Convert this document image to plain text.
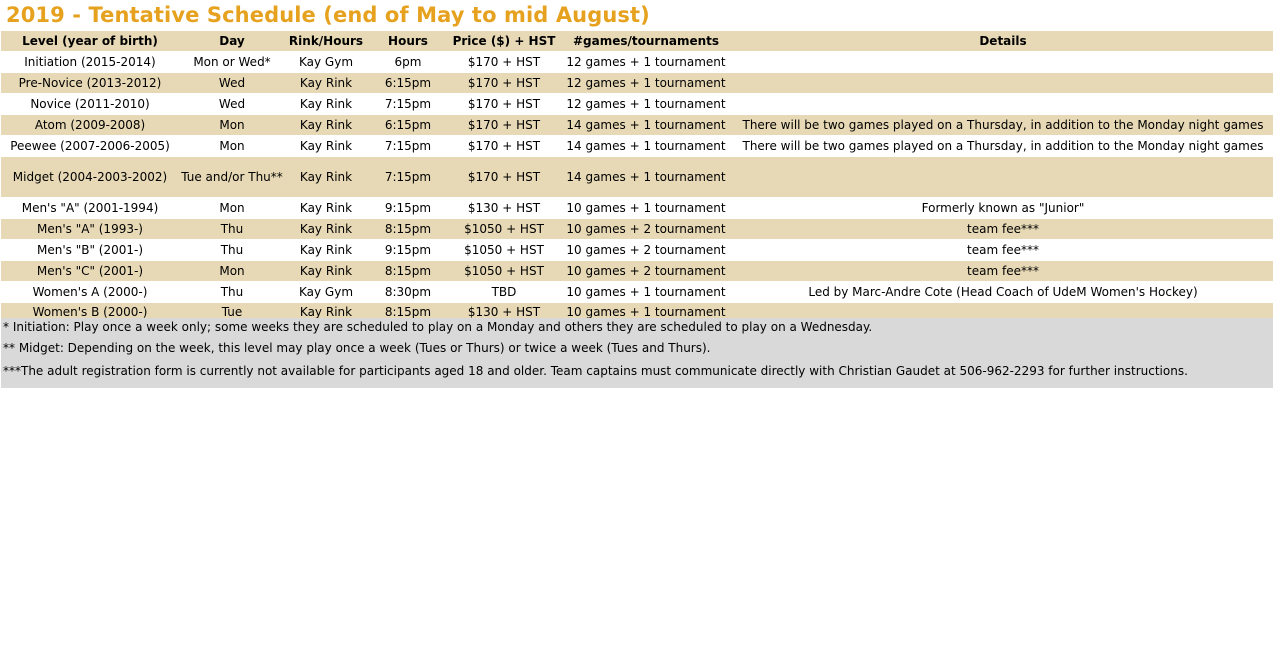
2019 - Tentative Schedule (end of May to mid August)
Level (year of birth)	Day	Rink/Hours	Hours	Price ($) + HST	#games/tournaments	Details
Initiation (2015-2014)	Mon or Wed*	Kay Gym	6pm	$170 + HST	12 games + 1 tournament	
Pre-Novice (2013-2012)	Wed	Kay Rink	6:15pm	$170 + HST	12 games + 1 tournament	
Novice (2011-2010)	Wed	Kay Rink	7:15pm	$170 + HST	12 games + 1 tournament	
Atom (2009-2008)	Mon	Kay Rink	6:15pm	$170 + HST	14 games + 1 tournament	There will be two games played on a Thursday, in addition to the Monday night games
Peewee (2007-2006-2005)	Mon	Kay Rink	7:15pm	$170 + HST	14 games + 1 tournament	There will be two games played on a Thursday, in addition to the Monday night games
Midget (2004-2003-2002)	Tue and/or Thu**	Kay Rink	7:15pm	$170 + HST	14 games + 1 tournament	
Men's "A" (2001-1994)	Mon	Kay Rink	9:15pm	$130 + HST	10 games + 1 tournament	Formerly known as "Junior"
Men's "A" (1993-)	Thu	Kay Rink	8:15pm	$1050 + HST	10 games + 2 tournament	team fee***
Men's "B" (2001-)	Thu	Kay Rink	9:15pm	$1050 + HST	10 games + 2 tournament	team fee***
Men's "C" (2001-)	Mon	Kay Rink	8:15pm	$1050 + HST	10 games + 2 tournament	team fee***
Women's A (2000-)	Thu	Kay Gym	8:30pm	TBD	10 games + 1 tournament	Led by Marc-Andre Cote (Head Coach of UdeM Women's Hockey)
Women's B (2000-)	Tue	Kay Rink	8:15pm	$130 + HST	10 games + 1 tournament	
* Initiation: Play once a week only; some weeks they are scheduled to play on a Monday and others they are scheduled to play on a Wednesday.
** Midget: Depending on the week, this level may play once a week (Tues or Thurs) or twice a week (Tues and Thurs).
***The adult registration form is currently not available for participants aged 18 and older. Team captains must communicate directly with Christian Gaudet at 506-962-2293 for further instructions.
